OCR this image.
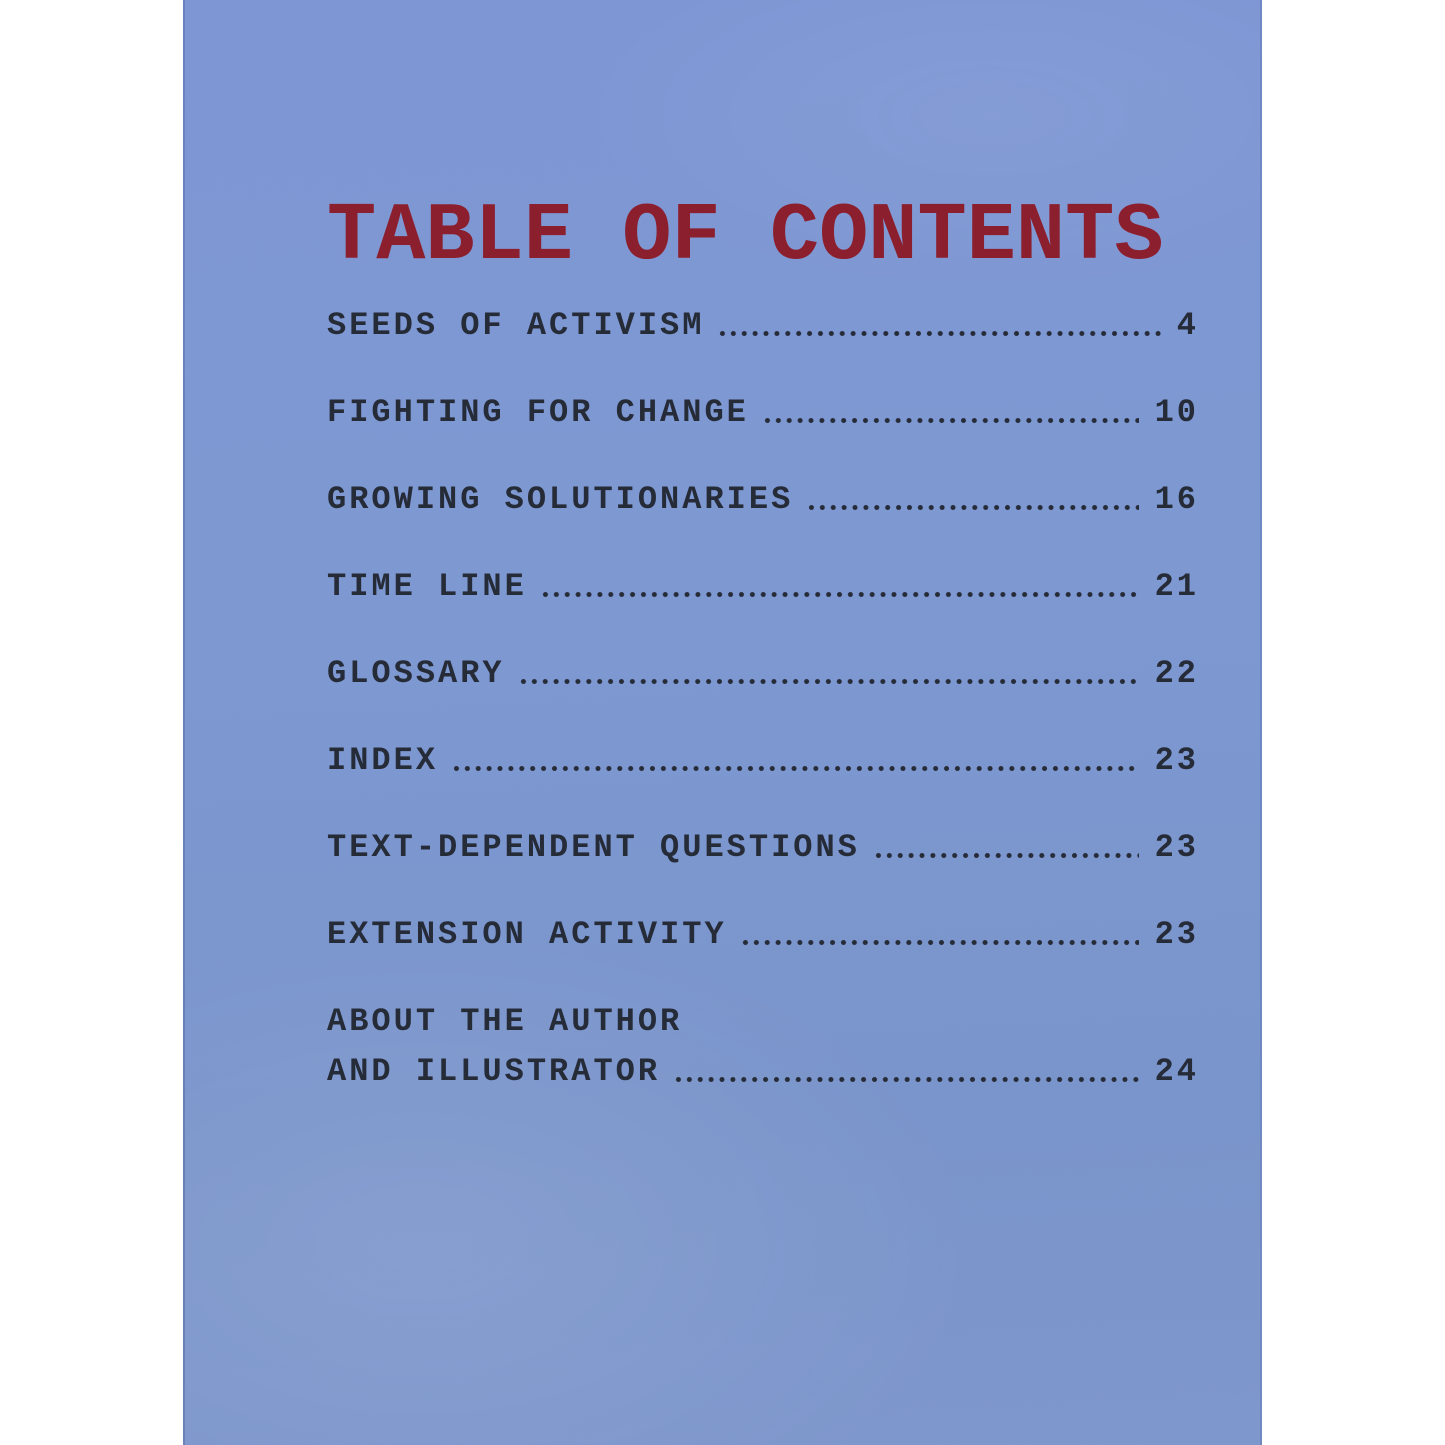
TABLE OF CONTENTS
SEEDS OF ACTIVISM	4
FIGHTING FOR CHANGE	10
GROWING SOLUTIONARIES	16
TIME LINE	21
GLOSSARY	22
INDEX	23
TEXT-DEPENDENT QUESTIONS	23
EXTENSION ACTIVITY	23
ABOUT THE AUTHOR
AND ILLUSTRATOR	24
